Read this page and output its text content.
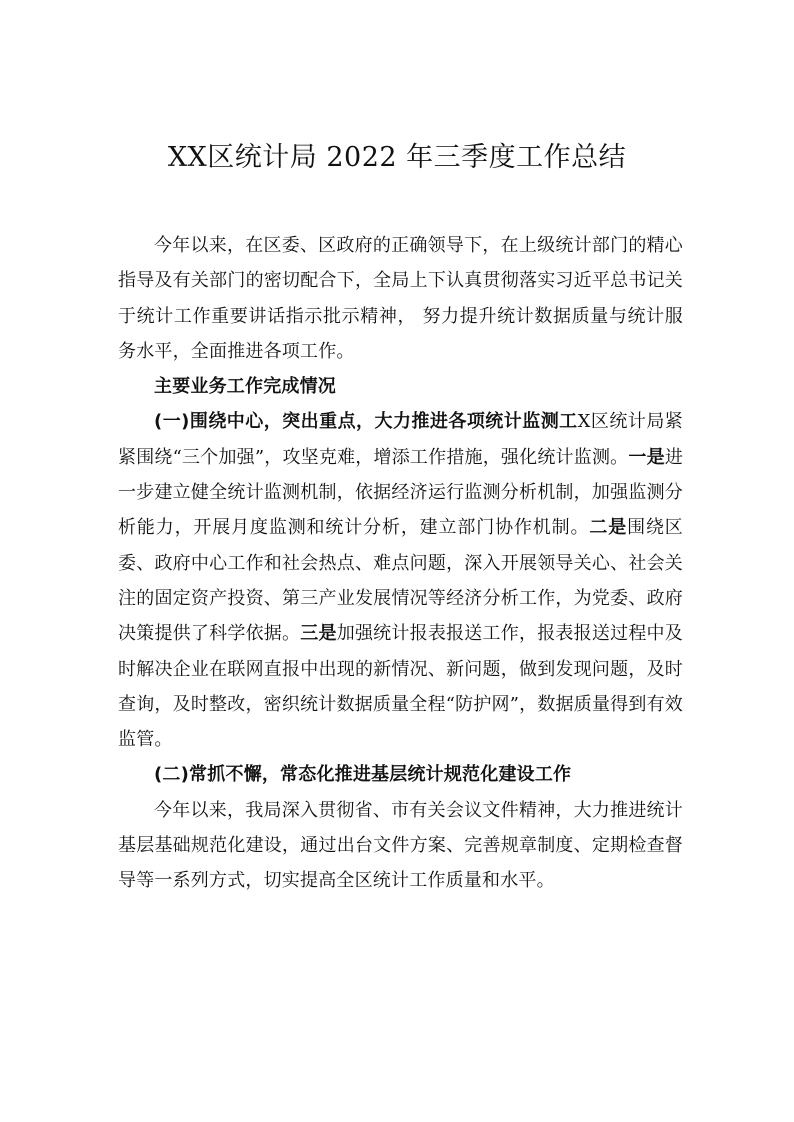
XX区统计局 2022 年三季度工作总结

今年以来，在区委、区政府的正确领导下，在上级统计部门的精心指导及有关部门的密切配合下，全局上下认真贯彻落实习近平总书记关于统计工作重要讲话指示批示精神， 努力提升统计数据质量与统计服务水平，全面推进各项工作。

主要业务工作完成情况

(一)围绕中心，突出重点，大力推进各项统计监测工X区统计局紧紧围绕“三个加强”，攻坚克难，增添工作措施，强化统计监测。一是进一步建立健全统计监测机制，依据经济运行监测分析机制，加强监测分析能力，开展月度监测和统计分析，建立部门协作机制。二是围绕区委、政府中心工作和社会热点、难点问题，深入开展领导关心、社会关注的固定资产投资、第三产业发展情况等经济分析工作，为党委、政府决策提供了科学依据。三是加强统计报表报送工作，报表报送过程中及时解决企业在联网直报中出现的新情况、新问题，做到发现问题，及时查询，及时整改，密织统计数据质量全程“防护网”，数据质量得到有效监管。

(二)常抓不懈，常态化推进基层统计规范化建设工作

今年以来，我局深入贯彻省、市有关会议文件精神，大力推进统计基层基础规范化建设，通过出台文件方案、完善规章制度、定期检查督导等一系列方式，切实提高全区统计工作质量和水平。
